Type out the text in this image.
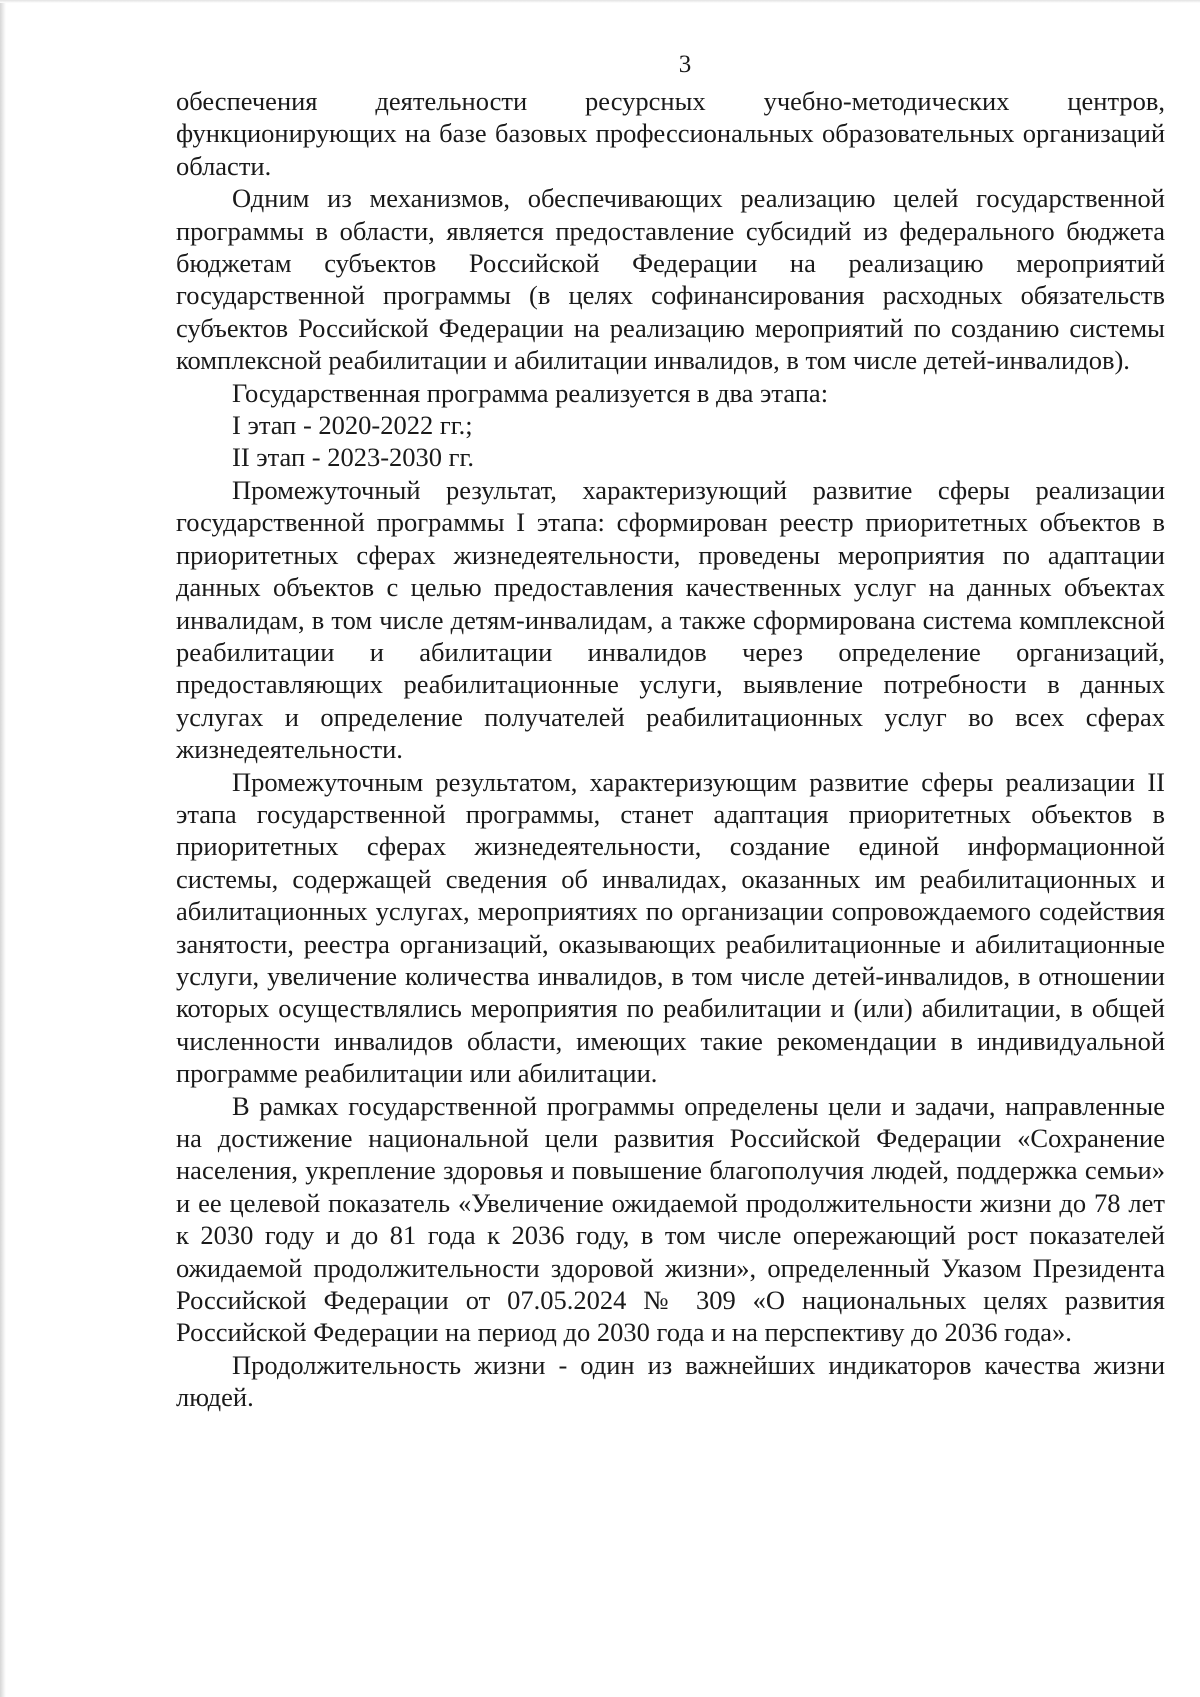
3

обеспечения деятельности ресурсных учебно-методических центров, функционирующих на базе базовых профессиональных образовательных организаций области.

Одним из механизмов, обеспечивающих реализацию целей государственной программы в области, является предоставление субсидий из федерального бюджета бюджетам субъектов Российской Федерации на реализацию мероприятий государственной программы (в целях софинансирования расходных обязательств субъектов Российской Федерации на реализацию мероприятий по созданию системы комплексной реабилитации и абилитации инвалидов, в том числе детей-инвалидов).

Государственная программа реализуется в два этапа:

I этап - 2020-2022 гг.;

II этап - 2023-2030 гг.

Промежуточный результат, характеризующий развитие сферы реализации государственной программы I этапа: сформирован реестр приоритетных объектов в приоритетных сферах жизнедеятельности, проведены мероприятия по адаптации данных объектов с целью предоставления качественных услуг на данных объектах инвалидам, в том числе детям-инвалидам, а также сформирована система комплексной реабилитации и абилитации инвалидов через определение организаций, предоставляющих реабилитационные услуги, выявление потребности в данных услугах и определение получателей реабилитационных услуг во всех сферах жизнедеятельности.

Промежуточным результатом, характеризующим развитие сферы реализации II этапа государственной программы, станет адаптация приоритетных объектов в приоритетных сферах жизнедеятельности, создание единой информационной системы, содержащей сведения об инвалидах, оказанных им реабилитационных и абилитационных услугах, мероприятиях по организации сопровождаемого содействия занятости, реестра организаций, оказывающих реабилитационные и абилитационные услуги, увеличение количества инвалидов, в том числе детей-инвалидов, в отношении которых осуществлялись мероприятия по реабилитации и (или) абилитации, в общей численности инвалидов области, имеющих такие рекомендации в индивидуальной программе реабилитации или абилитации.

В рамках государственной программы определены цели и задачи, направленные на достижение национальной цели развития Российской Федерации «Сохранение населения, укрепление здоровья и повышение благополучия людей, поддержка семьи» и ее целевой показатель «Увеличение ожидаемой продолжительности жизни до 78 лет к 2030 году и до 81 года к 2036 году, в том числе опережающий рост показателей ожидаемой продолжительности здоровой жизни», определенный Указом Президента Российской Федерации от 07.05.2024 № 309 «О национальных целях развития Российской Федерации на период до 2030 года и на перспективу до 2036 года».

Продолжительность жизни - один из важнейших индикаторов качества жизни людей.
